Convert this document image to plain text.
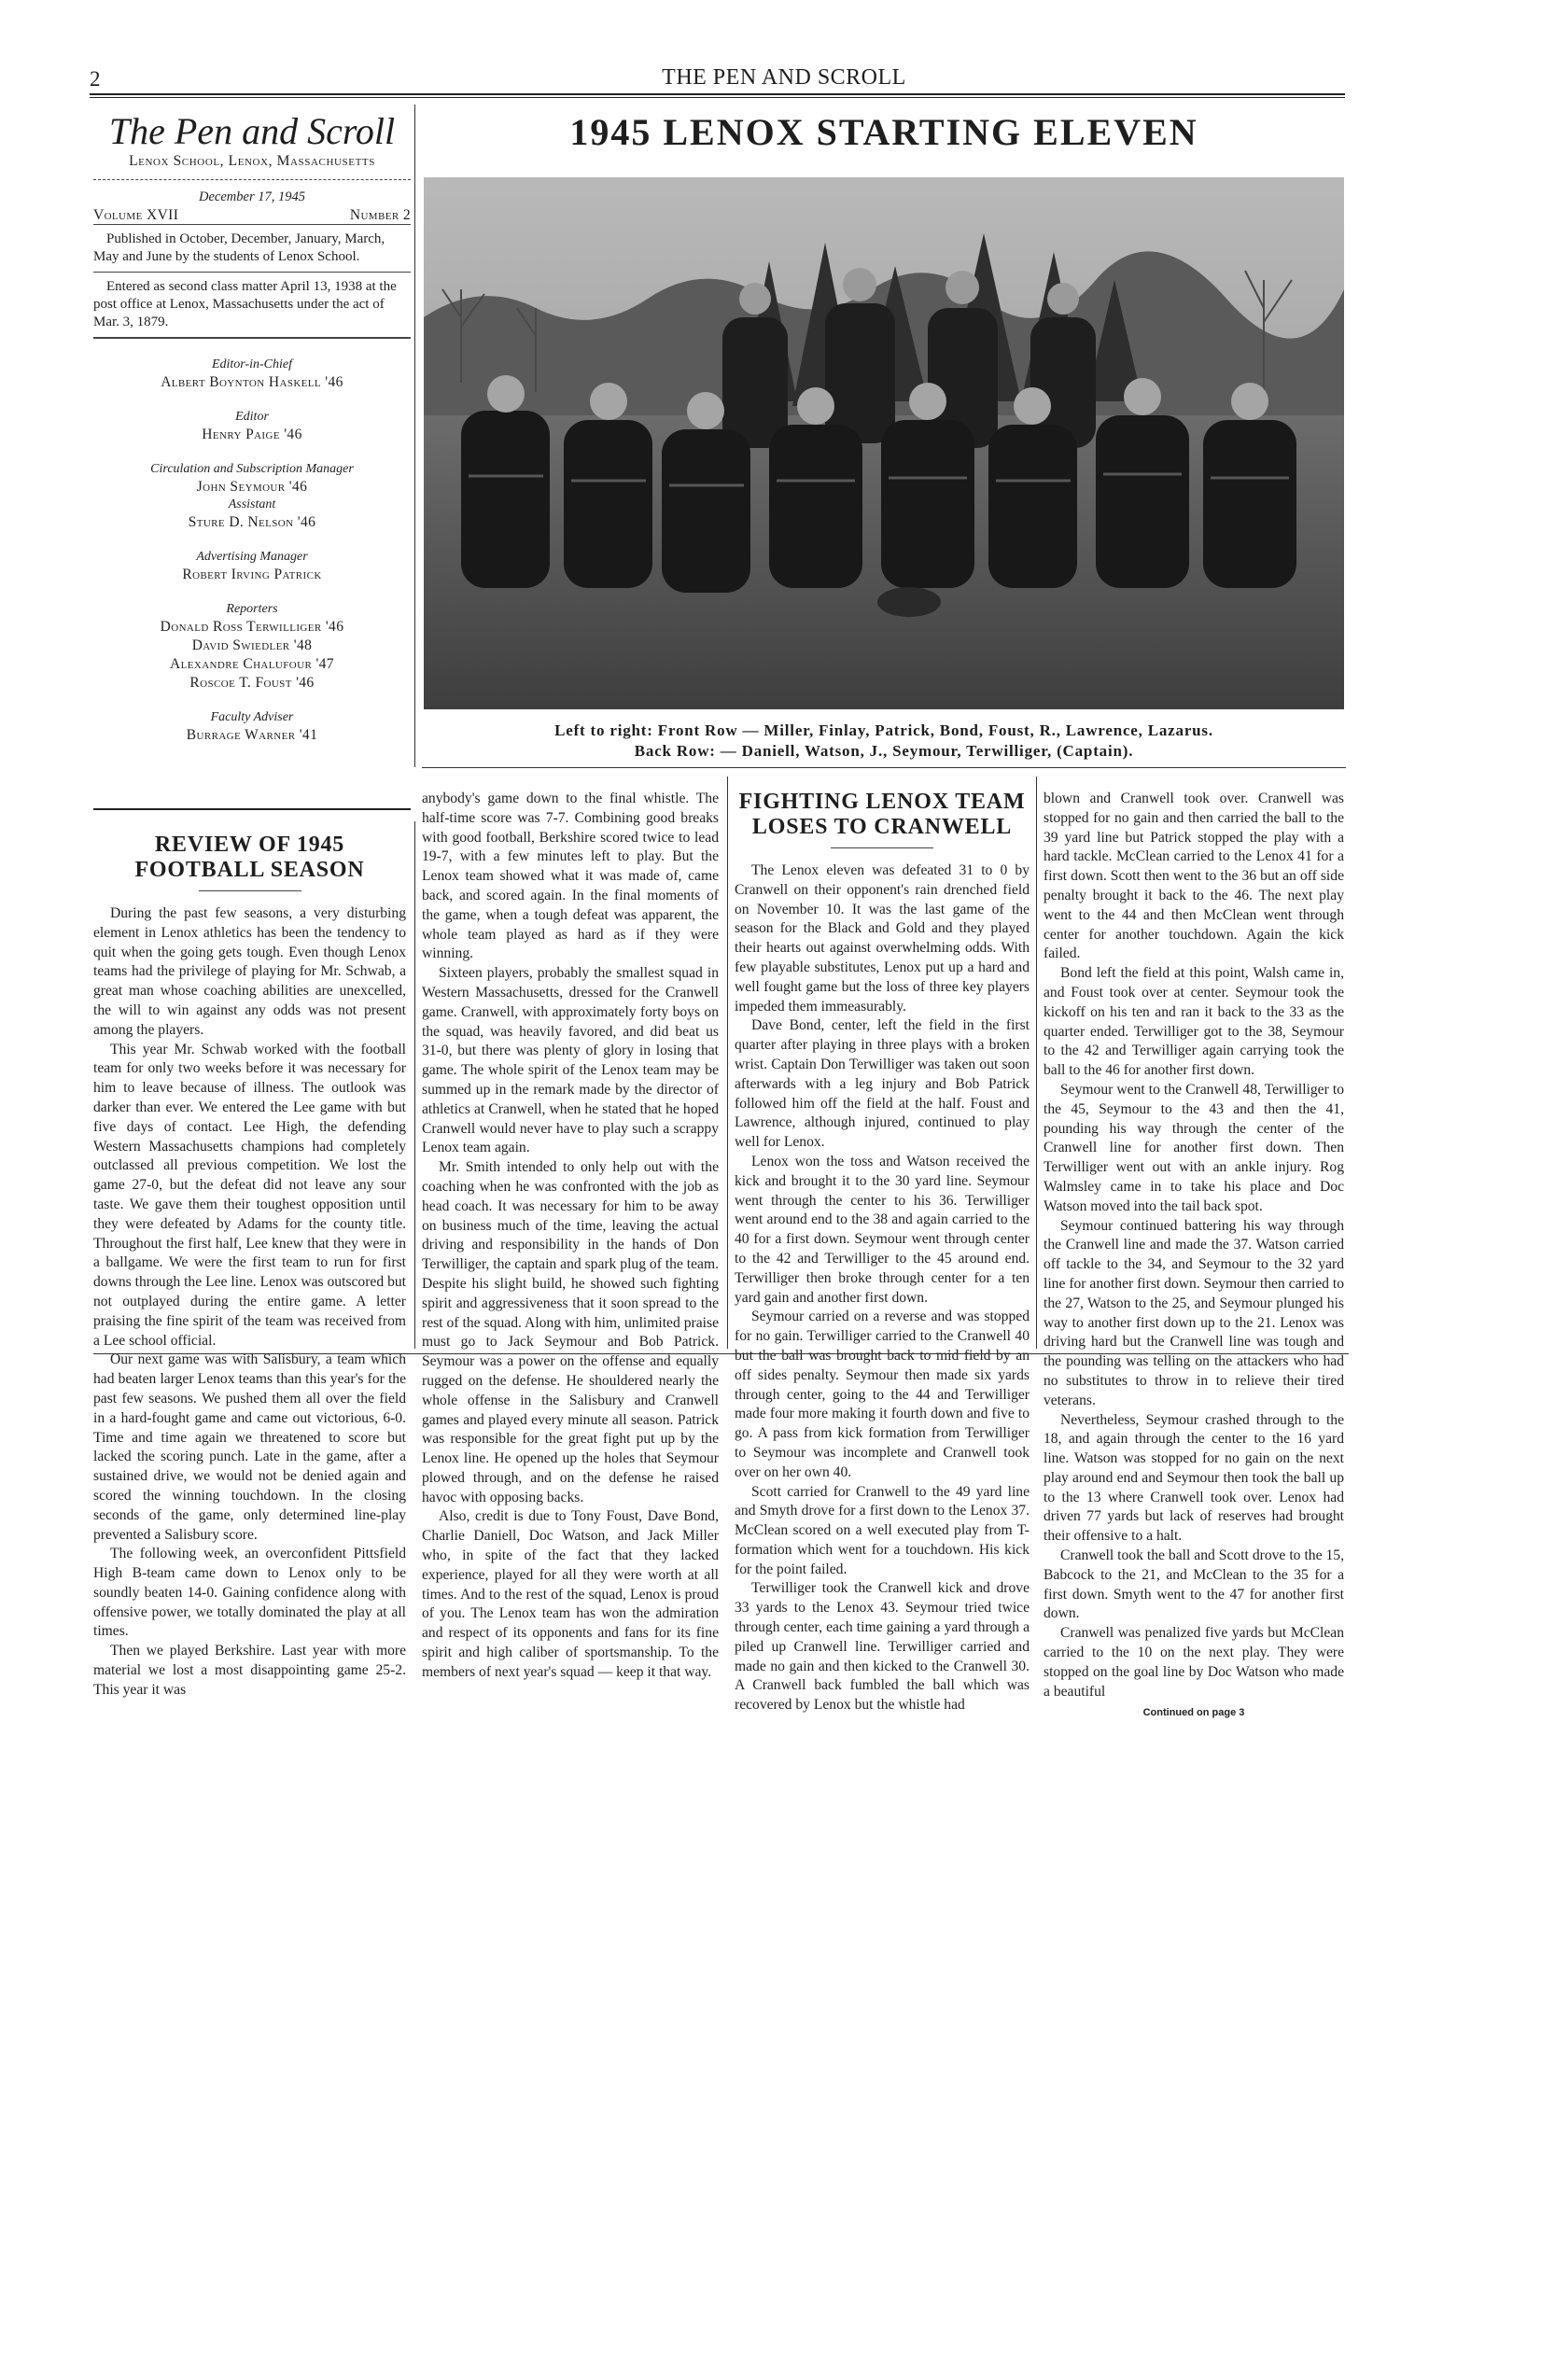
2	THE PEN AND SCROLL
The Pen and Scroll
Lenox School, Lenox, Massachusetts
December 17, 1945
Volume XVII	Number 2
Published in October, December, January, March, May and June by the students of Lenox School.
Entered as second class matter April 13, 1938 at the post office at Lenox, Massachusetts under the act of Mar. 3, 1879.
Editor-in-Chief
Albert Boynton Haskell '46
Editor
Henry Paige '46
Circulation and Subscription Manager
John Seymour '46
Assistant
Sture D. Nelson '46
Advertising Manager
Robert Irving Patrick
Reporters
Donald Ross Terwilliger '46
David Swiedler '48
Alexandre Chalufour '47
Roscoe T. Foust '46
Faculty Adviser
Burrage Warner '41
1945 LENOX STARTING ELEVEN
Left to right: Front Row — Miller, Finlay, Patrick, Bond, Foust, R., Lawrence, Lazarus.
Back Row: — Daniell, Watson, J., Seymour, Terwilliger, (Captain).
REVIEW OF 1945 FOOTBALL SEASON

During the past few seasons, a very disturbing element in Lenox athletics has been the tendency to quit when the going gets tough. Even though Lenox teams had the privilege of playing for Mr. Schwab, a great man whose coaching abilities are unexcelled, the will to win against any odds was not present among the players.

This year Mr. Schwab worked with the football team for only two weeks before it was necessary for him to leave because of illness. The outlook was darker than ever. We entered the Lee game with but five days of contact. Lee High, the defending Western Massachusetts champions had completely outclassed all previous competition. We lost the game 27-0, but the defeat did not leave any sour taste. We gave them their toughest opposition until they were defeated by Adams for the county title. Throughout the first half, Lee knew that they were in a ballgame. We were the first team to run for first downs through the Lee line. Lenox was outscored but not outplayed during the entire game. A letter praising the fine spirit of the team was received from a Lee school official.

Our next game was with Salisbury, a team which had beaten larger Lenox teams than this year's for the past few seasons. We pushed them all over the field in a hard-fought game and came out victorious, 6-0. Time and time again we threatened to score but lacked the scoring punch. Late in the game, after a sustained drive, we would not be denied again and scored the winning touchdown. In the closing seconds of the game, only determined line-play prevented a Salisbury score.

The following week, an overconfident Pittsfield High B-team came down to Lenox only to be soundly beaten 14-0. Gaining confidence along with offensive power, we totally dominated the play at all times.

Then we played Berkshire. Last year with more material we lost a most disappointing game 25-2. This year it was

anybody's game down to the final whistle. The half-time score was 7-7. Combining good breaks with good football, Berkshire scored twice to lead 19-7, with a few minutes left to play. But the Lenox team showed what it was made of, came back, and scored again. In the final moments of the game, when a tough defeat was apparent, the whole team played as hard as if they were winning.

Sixteen players, probably the smallest squad in Western Massachusetts, dressed for the Cranwell game. Cranwell, with approximately forty boys on the squad, was heavily favored, and did beat us 31-0, but there was plenty of glory in losing that game. The whole spirit of the Lenox team may be summed up in the remark made by the director of athletics at Cranwell, when he stated that he hoped Cranwell would never have to play such a scrappy Lenox team again.

Mr. Smith intended to only help out with the coaching when he was confronted with the job as head coach. It was necessary for him to be away on business much of the time, leaving the actual driving and responsibility in the hands of Don Terwilliger, the captain and spark plug of the team. Despite his slight build, he showed such fighting spirit and aggressiveness that it soon spread to the rest of the squad. Along with him, unlimited praise must go to Jack Seymour and Bob Patrick. Seymour was a power on the offense and equally rugged on the defense. He shouldered nearly the whole offense in the Salisbury and Cranwell games and played every minute all season. Patrick was responsible for the great fight put up by the Lenox line. He opened up the holes that Seymour plowed through, and on the defense he raised havoc with opposing backs.

Also, credit is due to Tony Foust, Dave Bond, Charlie Daniell, Doc Watson, and Jack Miller who, in spite of the fact that they lacked experience, played for all they were worth at all times. And to the rest of the squad, Lenox is proud of you. The Lenox team has won the admiration and respect of its opponents and fans for its fine spirit and high caliber of sportsmanship. To the members of next year's squad — keep it that way.

FIGHTING LENOX TEAM LOSES TO CRANWELL

The Lenox eleven was defeated 31 to 0 by Cranwell on their opponent's rain drenched field on November 10. It was the last game of the season for the Black and Gold and they played their hearts out against overwhelming odds. With few playable substitutes, Lenox put up a hard and well fought game but the loss of three key players impeded them immeasurably.

Dave Bond, center, left the field in the first quarter after playing in three plays with a broken wrist. Captain Don Terwilliger was taken out soon afterwards with a leg injury and Bob Patrick followed him off the field at the half. Foust and Lawrence, although injured, continued to play well for Lenox.

Lenox won the toss and Watson received the kick and brought it to the 30 yard line. Seymour went through the center to his 36. Terwilliger went around end to the 38 and again carried to the 40 for a first down. Seymour went through center to the 42 and Terwilliger to the 45 around end. Terwilliger then broke through center for a ten yard gain and another first down.

Seymour carried on a reverse and was stopped for no gain. Terwilliger carried to the Cranwell 40 but the ball was brought back to mid field by an off sides penalty. Seymour then made six yards through center, going to the 44 and Terwilliger made four more making it fourth down and five to go. A pass from kick formation from Terwilliger to Seymour was incomplete and Cranwell took over on her own 40.

Scott carried for Cranwell to the 49 yard line and Smyth drove for a first down to the Lenox 37. McClean scored on a well executed play from T-formation which went for a touchdown. His kick for the point failed.

Terwilliger took the Cranwell kick and drove 33 yards to the Lenox 43. Seymour tried twice through center, each time gaining a yard through a piled up Cranwell line. Terwilliger carried and made no gain and then kicked to the Cranwell 30. A Cranwell back fumbled the ball which was recovered by Lenox but the whistle had

blown and Cranwell took over. Cranwell was stopped for no gain and then carried the ball to the 39 yard line but Patrick stopped the play with a hard tackle. McClean carried to the Lenox 41 for a first down. Scott then went to the 36 but an off side penalty brought it back to the 46. The next play went to the 44 and then McClean went through center for another touchdown. Again the kick failed.

Bond left the field at this point, Walsh came in, and Foust took over at center. Seymour took the kickoff on his ten and ran it back to the 33 as the quarter ended. Terwilliger got to the 38, Seymour to the 42 and Terwilliger again carrying took the ball to the 46 for another first down.

Seymour went to the Cranwell 48, Terwilliger to the 45, Seymour to the 43 and then the 41, pounding his way through the center of the Cranwell line for another first down. Then Terwilliger went out with an ankle injury. Rog Walmsley came in to take his place and Doc Watson moved into the tail back spot.

Seymour continued battering his way through the Cranwell line and made the 37. Watson carried off tackle to the 34, and Seymour to the 32 yard line for another first down. Seymour then carried to the 27, Watson to the 25, and Seymour plunged his way to another first down up to the 21. Lenox was driving hard but the Cranwell line was tough and the pounding was telling on the attackers who had no substitutes to throw in to relieve their tired veterans.

Nevertheless, Seymour crashed through to the 18, and again through the center to the 16 yard line. Watson was stopped for no gain on the next play around end and Seymour then took the ball up to the 13 where Cranwell took over. Lenox had driven 77 yards but lack of reserves had brought their offensive to a halt.

Cranwell took the ball and Scott drove to the 15, Babcock to the 21, and McClean to the 35 for a first down. Smyth went to the 47 for another first down.

Cranwell was penalized five yards but McClean carried to the 10 on the next play. They were stopped on the goal line by Doc Watson who made a beautiful

Continued on page 3
